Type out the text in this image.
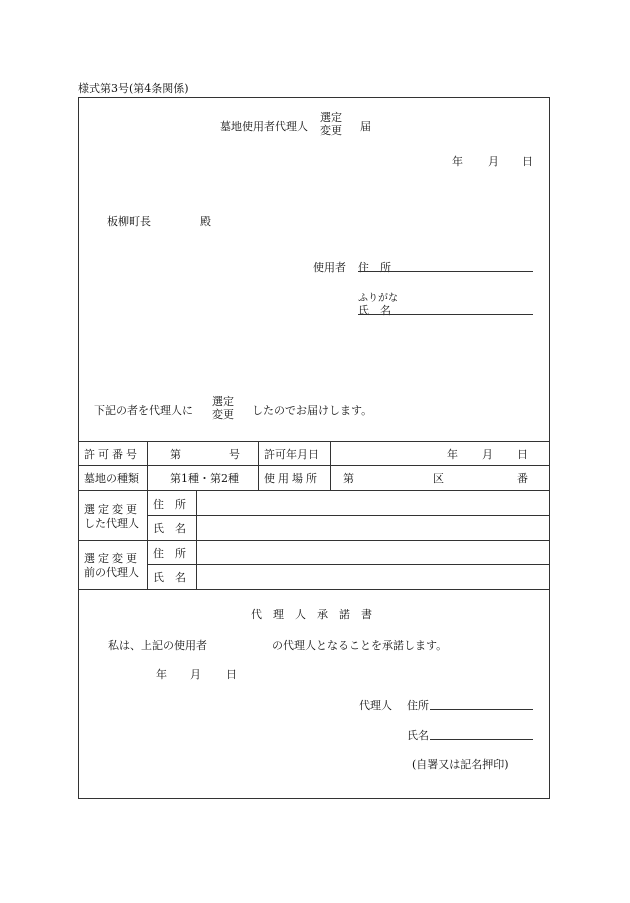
様式第3号(第4条関係)
墓地使用者代理人
選定
変更 届
年 月 日
板柳町長	殿
使用者 住　所
ふりがな
氏　名
下記の者を代理人に
選定
変更 したのでお届けします。
許可番号	第	号 許可年月日	年 月 日
墓地の種類	第1種・第2種 使用場所 第	区	番
選定変更
した代理人
住　所
氏　名
選定変更
前の代理人
住　所
氏　名
代　理　人　承　諾　書
私は、上記の使用者	の代理人となることを承諾します。
年 月 日
代理人 住所
氏名
(自署又は記名押印)
